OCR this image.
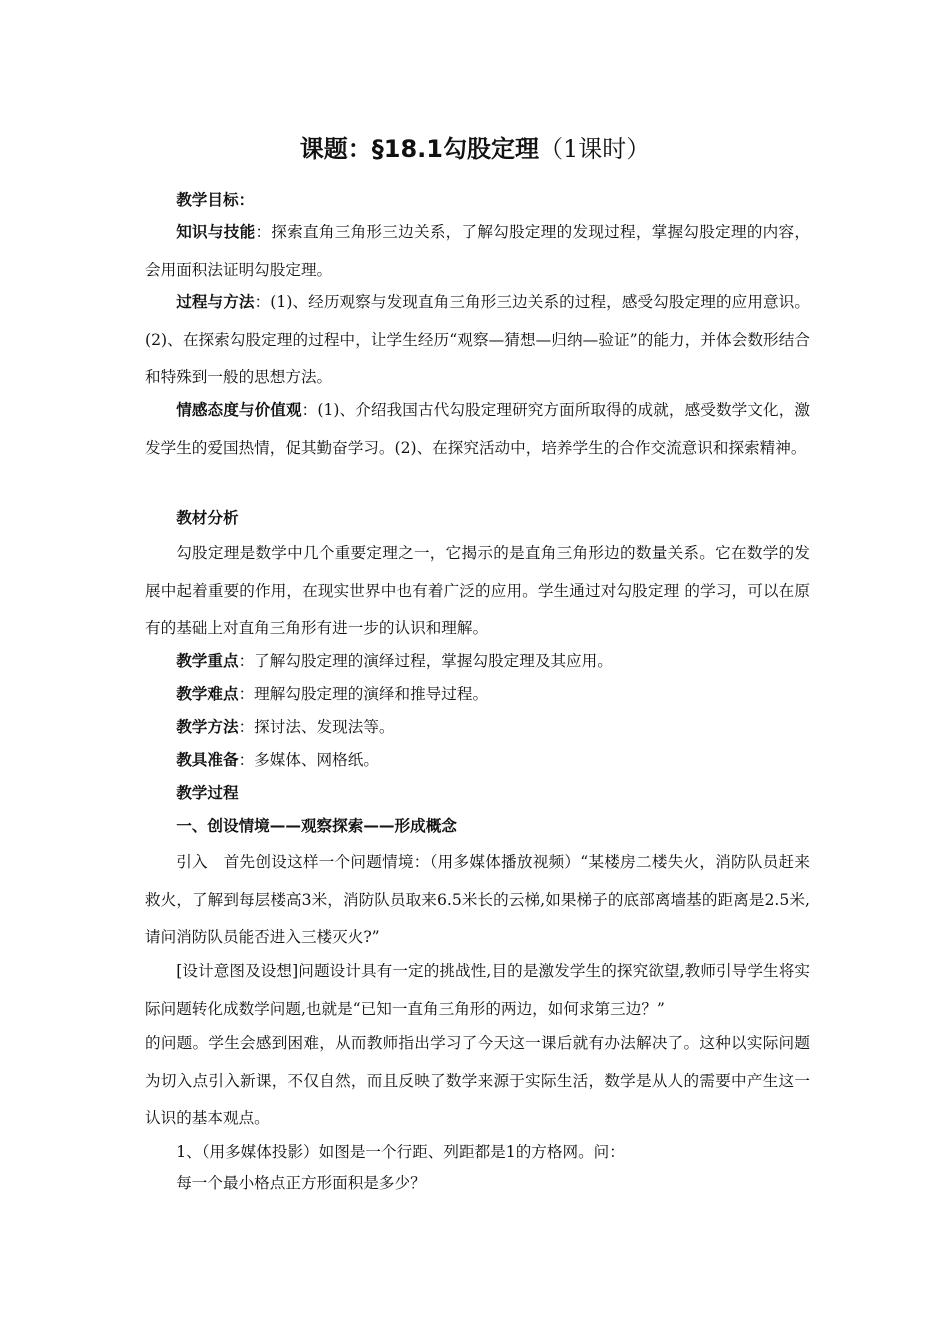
课题：§18.1勾股定理（1课时）

教学目标：

知识与技能：探索直角三角形三边关系，了解勾股定理的发现过程，掌握勾股定理的内容，会用面积法证明勾股定理。

过程与方法：(1)、经历观察与发现直角三角形三边关系的过程，感受勾股定理的应用意识。(2)、在探索勾股定理的过程中，让学生经历“观察—猜想—归纳—验证”的能力，并体会数形结合和特殊到一般的思想方法。

情感态度与价值观：(1)、介绍我国古代勾股定理研究方面所取得的成就，感受数学文化，激发学生的爱国热情，促其勤奋学习。(2)、在探究活动中，培养学生的合作交流意识和探索精神。

教材分析

勾股定理是数学中几个重要定理之一，它揭示的是直角三角形边的数量关系。它在数学的发展中起着重要的作用，在现实世界中也有着广泛的应用。学生通过对勾股定理 的学习，可以在原有的基础上对直角三角形有进一步的认识和理解。

教学重点：了解勾股定理的演绎过程，掌握勾股定理及其应用。

教学难点：理解勾股定理的演绎和推导过程。

教学方法：探讨法、发现法等。

教具准备：多媒体、网格纸。

教学过程

一、创设情境——观察探索——形成概念

引入　首先创设这样一个问题情境：（用多媒体播放视频）“某楼房二楼失火，消防队员赶来救火，了解到每层楼高3米，消防队员取来6.5米长的云梯,如果梯子的底部离墙基的距离是2.5米,请问消防队员能否进入三楼灭火?”

[设计意图及设想]问题设计具有一定的挑战性,目的是激发学生的探究欲望,教师引导学生将实际问题转化成数学问题,也就是“已知一直角三角形的两边，如何求第三边？”

的问题。学生会感到困难，从而教师指出学习了今天这一课后就有办法解决了。这种以实际问题为切入点引入新课，不仅自然，而且反映了数学来源于实际生活，数学是从人的需要中产生这一认识的基本观点。

1、（用多媒体投影）如图是一个行距、列距都是1的方格网。问：

每一个最小格点正方形面积是多少？
